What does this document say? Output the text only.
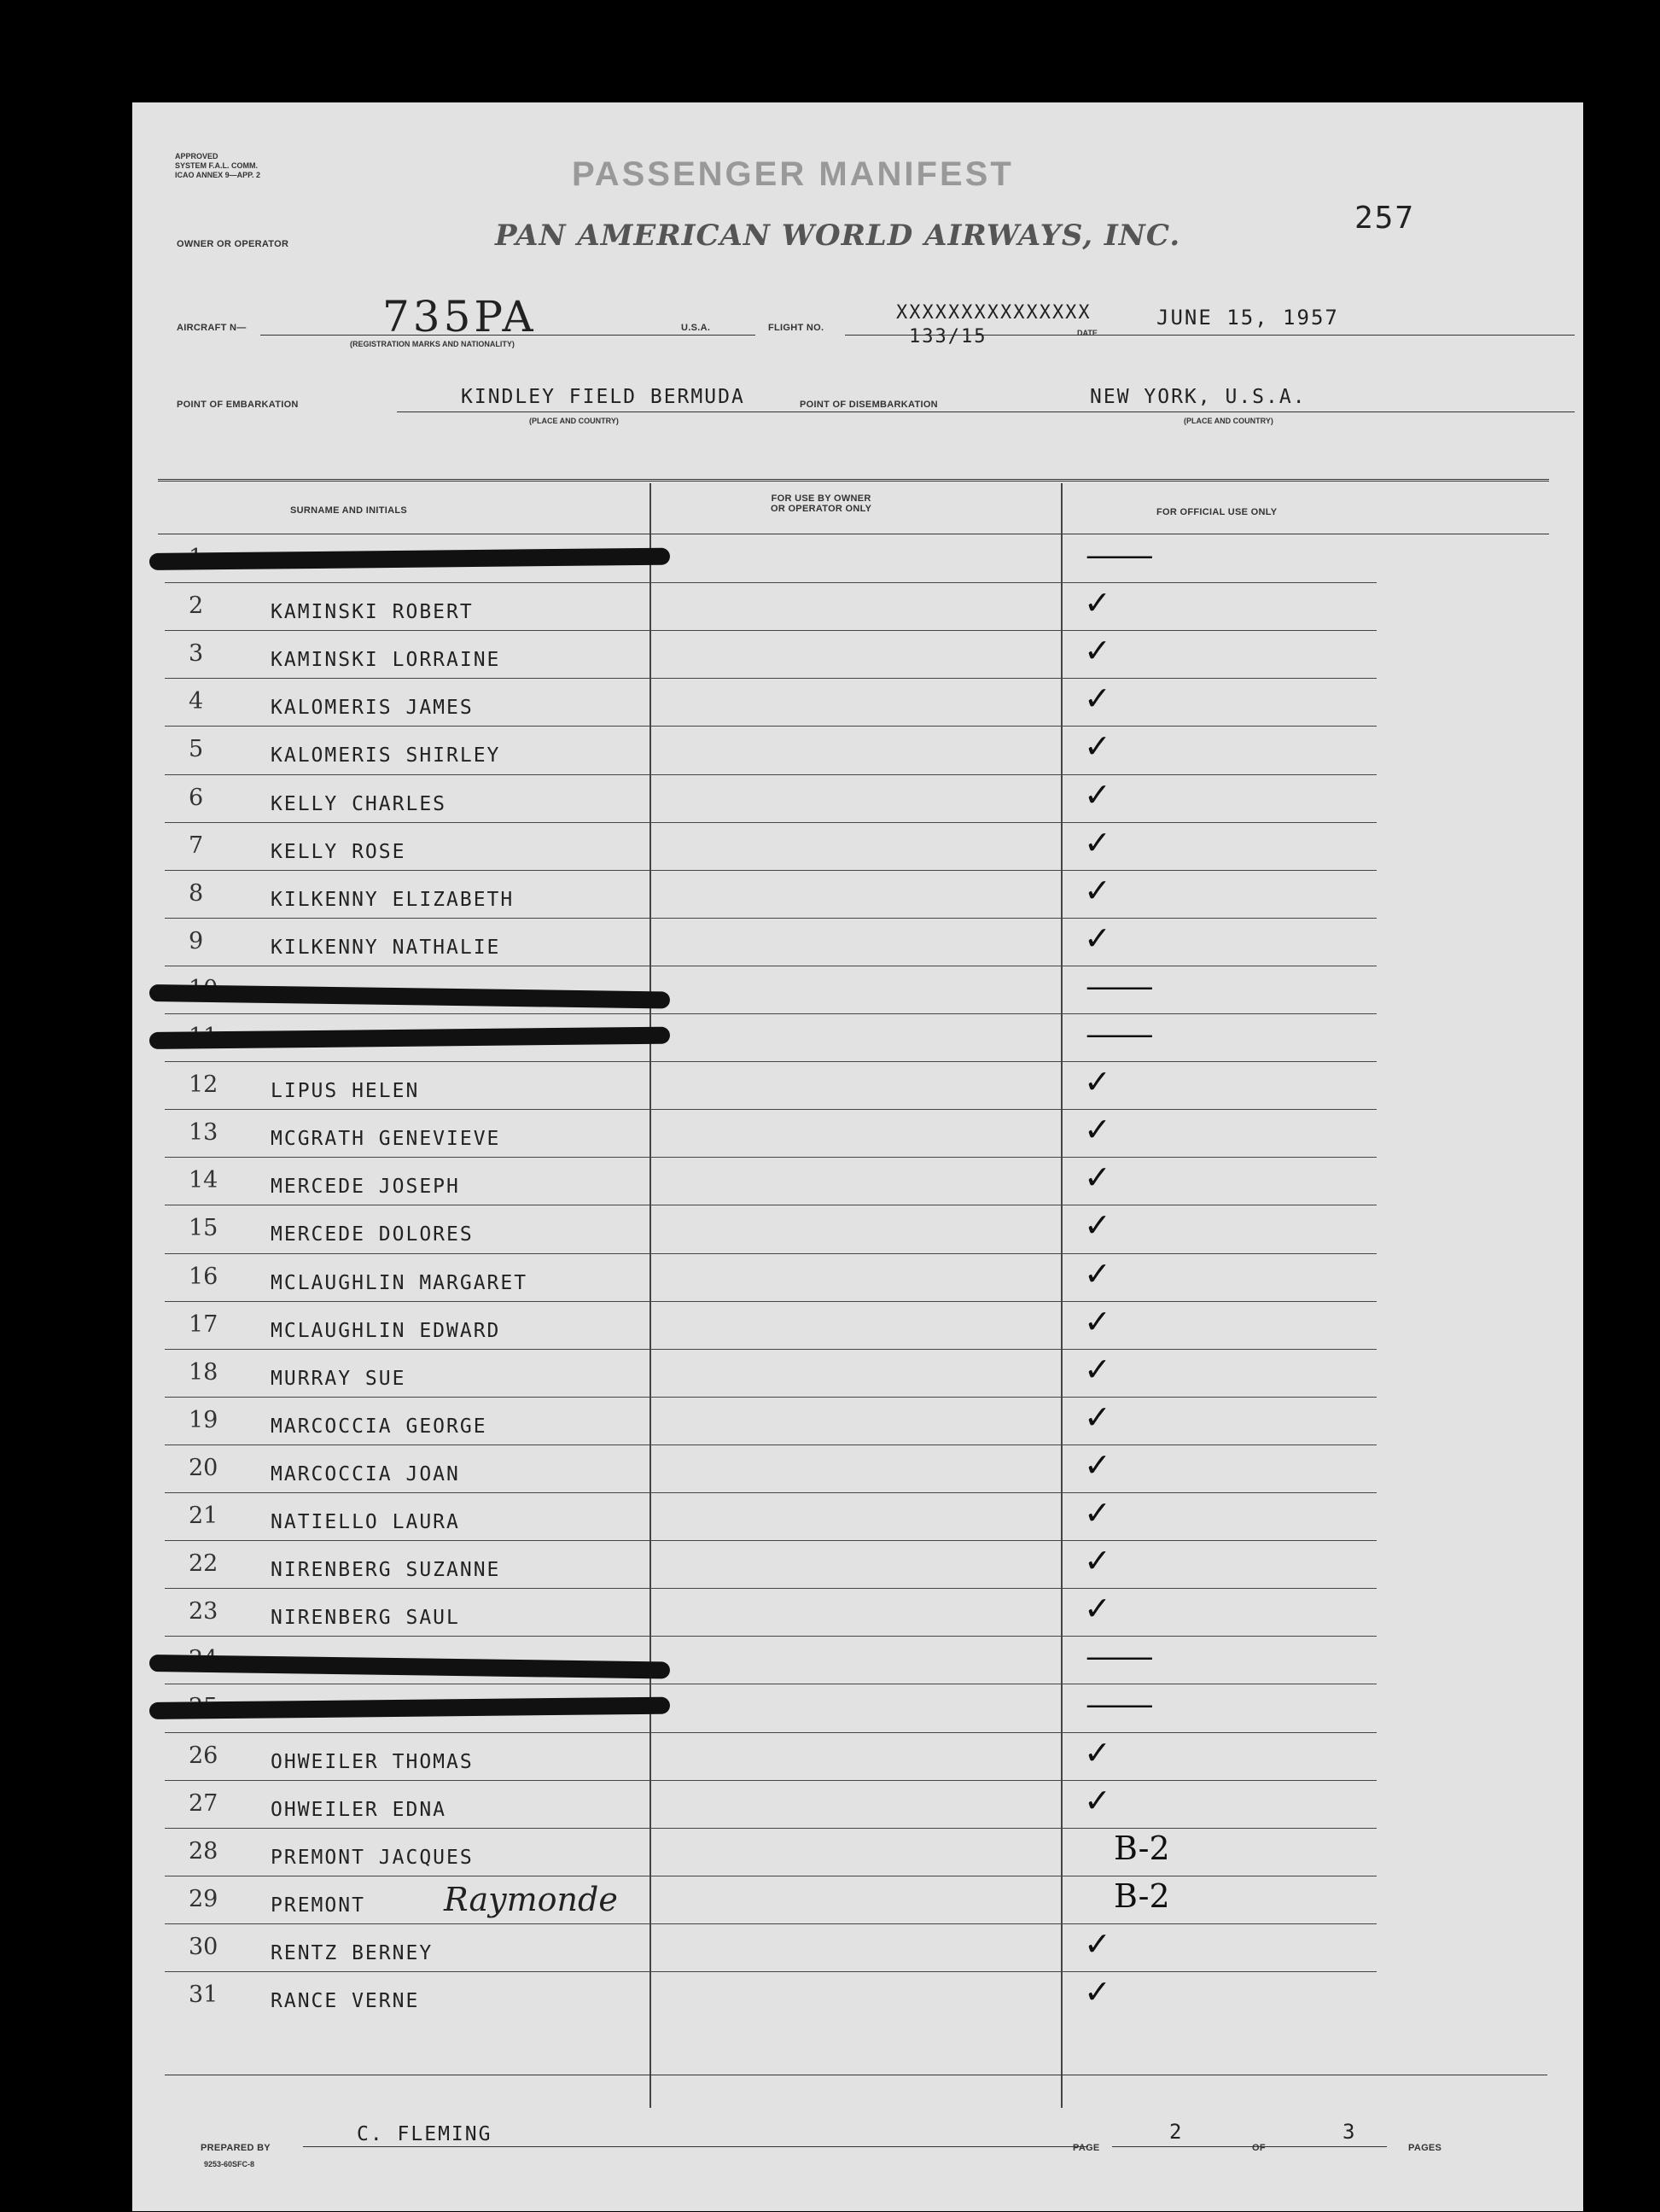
APPROVED
SYSTEM F.A.L. COMM.
ICAO ANNEX 9—APP. 2	PASSENGER MANIFEST
257
OWNER OR OPERATOR	PAN AMERICAN WORLD AIRWAYS, INC.
AIRCRAFT N—	735PA
(REGISTRATION MARKS AND NATIONALITY)
U.S.A.	FLIGHT NO.
XXXXXXXXXXXXXXX
133/15	DATE
JUNE 15, 1957
POINT OF EMBARKATION	KINDLEY FIELD BERMUDA	POINT OF DISEMBARKATION	NEW YORK, U.S.A.
(PLACE AND COUNTRY)	(PLACE AND COUNTRY)
SURNAME AND INITIALS
FOR USE BY OWNER
OR OPERATOR ONLY	FOR OFFICIAL USE ONLY
—
2	KAMINSKI ROBERT	✓
3	KAMINSKI LORRAINE	✓
4	KALOMERIS JAMES	✓
5	KALOMERIS SHIRLEY	✓
6	KELLY CHARLES	✓
7	KELLY ROSE	✓
8	KILKENNY ELIZABETH	✓
9	KILKENNY NATHALIE	✓
—
—
12	LIPUS HELEN	✓
13	MCGRATH GENEVIEVE	✓
14	MERCEDE JOSEPH	✓
15	MERCEDE DOLORES	✓
16	MCLAUGHLIN MARGARET	✓
17	MCLAUGHLIN EDWARD	✓
18	MURRAY SUE	✓
19	MARCOCCIA GEORGE	✓
20	MARCOCCIA JOAN	✓
21	NATIELLO LAURA	✓
22	NIRENBERG SUZANNE	✓
23	NIRENBERG SAUL	✓
—
—
26	OHWEILER THOMAS	✓
27	OHWEILER EDNA	✓
28	PREMONT JACQUES	B-2
29	PREMONT Raymonde	B-2
30	RENTZ BERNEY	✓
31	RANCE VERNE	✓
PREPARED BY
C. FLEMING
PAGE
2
OF
3
PAGES
9253-60SFC-8
